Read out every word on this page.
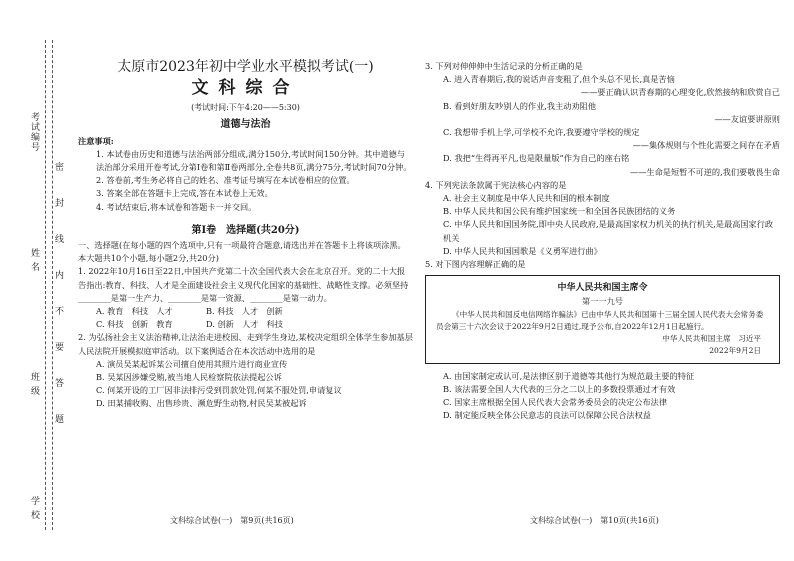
考试编号
姓 名
班 级
学 校
密
封
线
内
不
要
答
题
太原市2023年初中学业水平模拟考试(一)
文科综合
(考试时间:下午4:20——5:30)
道德与法治
注意事项:
1. 本试卷由历史和道德与法治两部分组成,满分150分,考试时间150分钟。其中道德与法治部分采用开卷考试,分第Ⅰ卷和第Ⅱ卷两部分,全卷共8页,满分75分,考试时间70分钟。
2. 答卷前,考生务必将自己的姓名、准考证号填写在本试卷相应的位置。
3. 答案全部在答题卡上完成,答在本试卷上无效。
4. 考试结束后,将本试卷和答题卡一并交回。
第Ⅰ卷　选择题(共20分)
一、选择题(在每小题的四个选项中,只有一项最符合题意,请选出并在答题卡上将该项涂黑。本大题共10个小题,每小题2分,共20分)
1. 2022年10月16日至22日,中国共产党第二十次全国代表大会在北京召开。党的二十大报告指出:教育、科技、人才是全面建设社会主义现代化国家的基础性、战略性支撑。必须坚持________是第一生产力、________是第一资源、________是第一动力。
A. 教育　科技　人才	B. 科技　人才　创新
C. 科技　创新　教育	D. 创新　人才　科技
2. 为弘扬社会主义法治精神,让法治走进校园、走到学生身边,某校决定组织全体学生参加基层人民法院开展模拟庭审活动。以下案例适合在本次活动中选用的是
A. 演员吴某起诉某公司擅自使用其照片进行商业宣传
B. 吴某因涉嫌受贿,被当地人民检察院依法提起公诉
C. 何某开设的工厂因非法排污受到罚款处罚,何某不服处罚,申请复议
D. 田某捕收购、出售珍贵、濒危野生动物,村民吴某被起诉
文科综合试卷(一)　第9页(共16页)
3. 下列对伸伸伸中生活记录的分析正确的是
A. 进入青春期后,我的说话声音变粗了,但个头总不见长,真是苦恼
——要正确认识青春期的心理变化,欣然接纳和欣赏自己
B. 看到好朋友吵别人的作业,我主动劝阻他
——友谊要讲原则
C. 我想带手机上学,可学校不允许,我要遵守学校的规定
——集体规则与个性化需要之间存在矛盾
D. 我把“生得再平凡,也是限量版”作为自己的座右铭
——生命是短暂不可逆的,我们要敬畏生命
4. 下列宪法条款属于宪法核心内容的是
A. 社会主义制度是中华人民共和国的根本制度
B. 中华人民共和国公民有维护国家统一和全国各民族团结的义务
C. 中华人民共和国国务院,即中央人民政府,是最高国家权力机关的执行机关,是最高国家行政机关
D. 中华人民共和国国歌是《义勇军进行曲》
5. 对下图内容理解正确的是
中华人民共和国主席令
第一一九号
《中华人民共和国反电信网络诈骗法》已由中华人民共和国第十三届全国人民代表大会常务委员会第三十六次会议于2022年9月2日通过,现予公布,自2022年12月1日起施行。
中华人民共和国主席　习近平
2022年9月2日
A. 由国家制定或认可,是法律区别于道德等其他行为规范最主要的特征
B. 该法需要全国人大代表的三分之二以上的多数投票通过才有效
C. 国家主席根据全国人民代表大会常务委员会的决定公布法律
D. 制定能反映全体公民意志的良法可以保障公民合法权益
文科综合试卷(一)　第10页(共16页)
